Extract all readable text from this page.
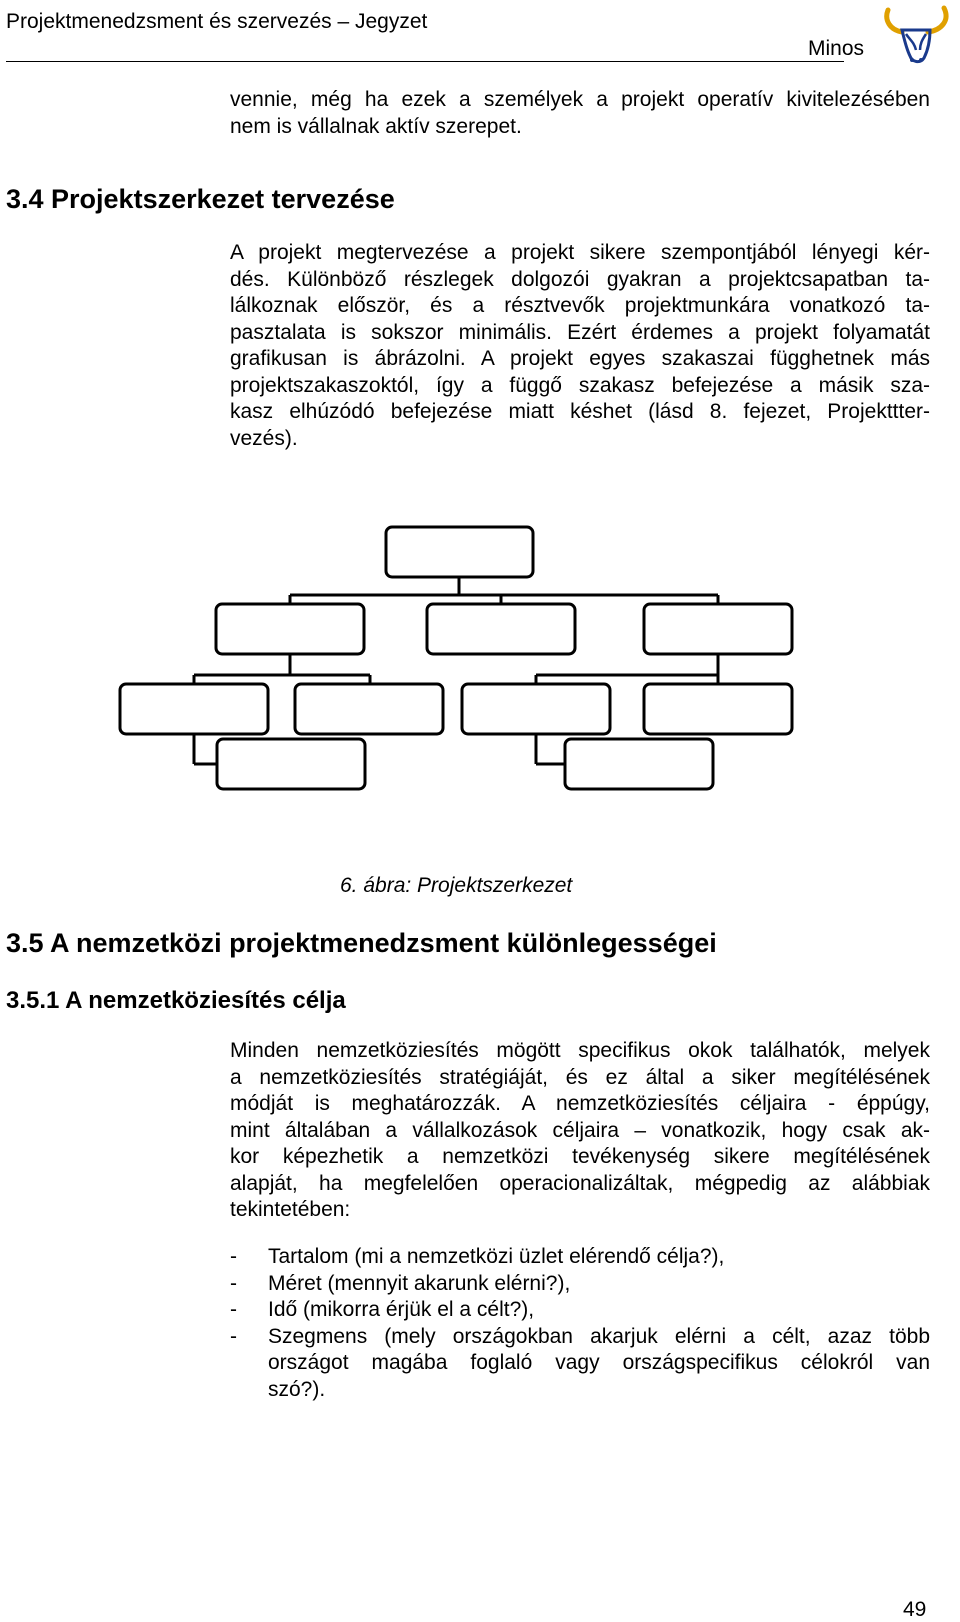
Projektmenedzsment és szervezés – Jegyzet
Minos
vennie, még ha ezek a személyek a projekt operatív kivitelezésében
nem is vállalnak aktív szerepet.
3.4 Projektszerkezet tervezése
A projekt megtervezése a projekt sikere szempontjából lényegi kér-
dés. Különböző részlegek dolgozói gyakran a projektcsapatban ta-
lálkoznak először, és a résztvevők projektmunkára vonatkozó ta-
pasztalata is sokszor minimális. Ezért érdemes a projekt folyamatát
grafikusan is ábrázolni. A projekt egyes szakaszai függhetnek más
projektszakaszoktól, így a függő szakasz befejezése a másik sza-
kasz elhúzódó befejezése miatt késhet (lásd 8. fejezet, Projekttter-
vezés).
6. ábra: Projektszerkezet
3.5 A nemzetközi projektmenedzsment különlegességei
3.5.1 A nemzetköziesítés célja
Minden nemzetköziesítés mögött specifikus okok találhatók, melyek
a nemzetköziesítés stratégiáját, és ez által a siker megítélésének
módját is meghatározzák. A nemzetköziesítés céljaira - éppúgy,
mint általában a vállalkozások céljaira – vonatkozik, hogy csak ak-
kor képezhetik a nemzetközi tevékenység sikere megítélésének
alapját, ha megfelelően operacionalizáltak, mégpedig az alábbiak
tekintetében:
- Tartalom (mi a nemzetközi üzlet elérendő célja?),
- Méret (mennyit akarunk elérni?),
- Idő (mikorra érjük el a célt?),
- Szegmens (mely országokban akarjuk elérni a célt, azaz több
országot magába foglaló vagy országspecifikus célokról van
szó?).
49
